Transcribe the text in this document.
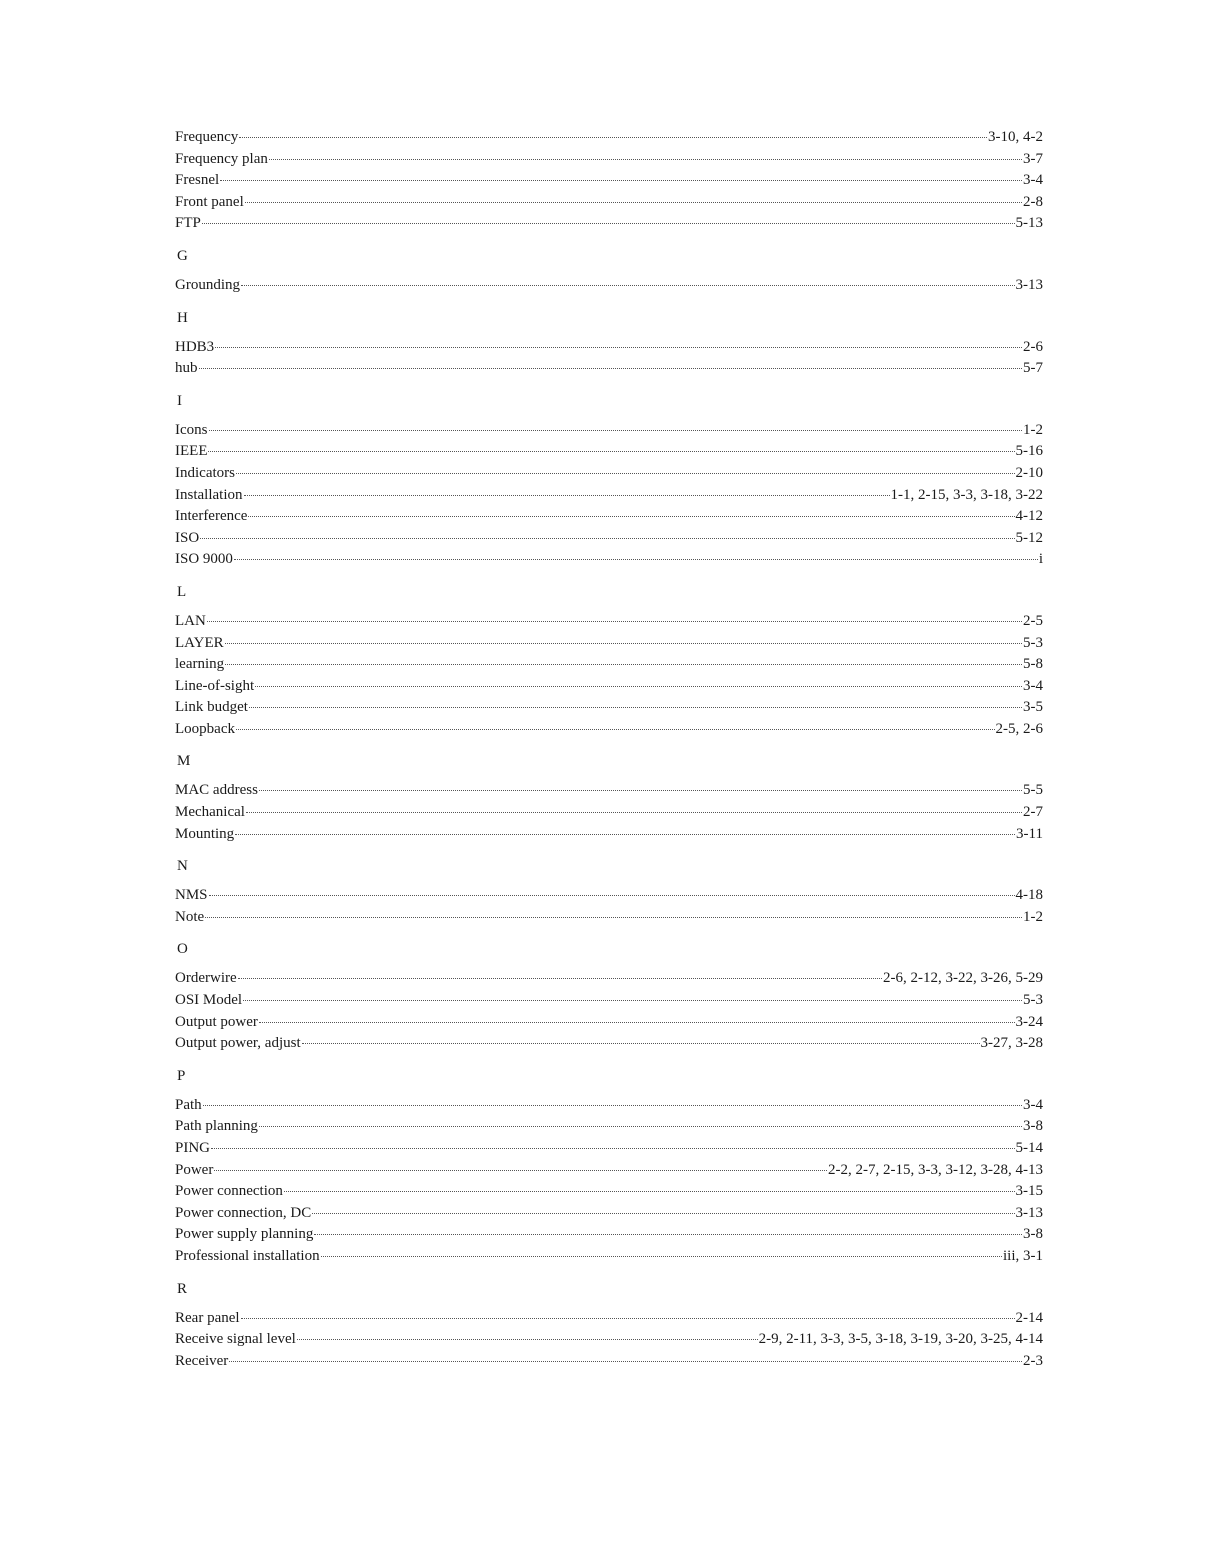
Frequency	3-10, 4-2
Frequency plan	3-7
Fresnel	3-4
Front panel	2-8
FTP	5-13
G
Grounding	3-13
H
HDB3	2-6
hub	5-7
I
Icons	1-2
IEEE	5-16
Indicators	2-10
Installation	1-1, 2-15, 3-3, 3-18, 3-22
Interference	4-12
ISO	5-12
ISO 9000	i
L
LAN	2-5
LAYER	5-3
learning	5-8
Line-of-sight	3-4
Link budget	3-5
Loopback	2-5, 2-6
M
MAC address	5-5
Mechanical	2-7
Mounting	3-11
N
NMS	4-18
Note	1-2
O
Orderwire	2-6, 2-12, 3-22, 3-26, 5-29
OSI Model	5-3
Output power	3-24
Output power, adjust	3-27, 3-28
P
Path	3-4
Path planning	3-8
PING	5-14
Power	2-2, 2-7, 2-15, 3-3, 3-12, 3-28, 4-13
Power connection	3-15
Power connection, DC	3-13
Power supply planning	3-8
Professional installation	iii, 3-1
R
Rear panel	2-14
Receive signal level	2-9, 2-11, 3-3, 3-5, 3-18, 3-19, 3-20, 3-25, 4-14
Receiver	2-3
